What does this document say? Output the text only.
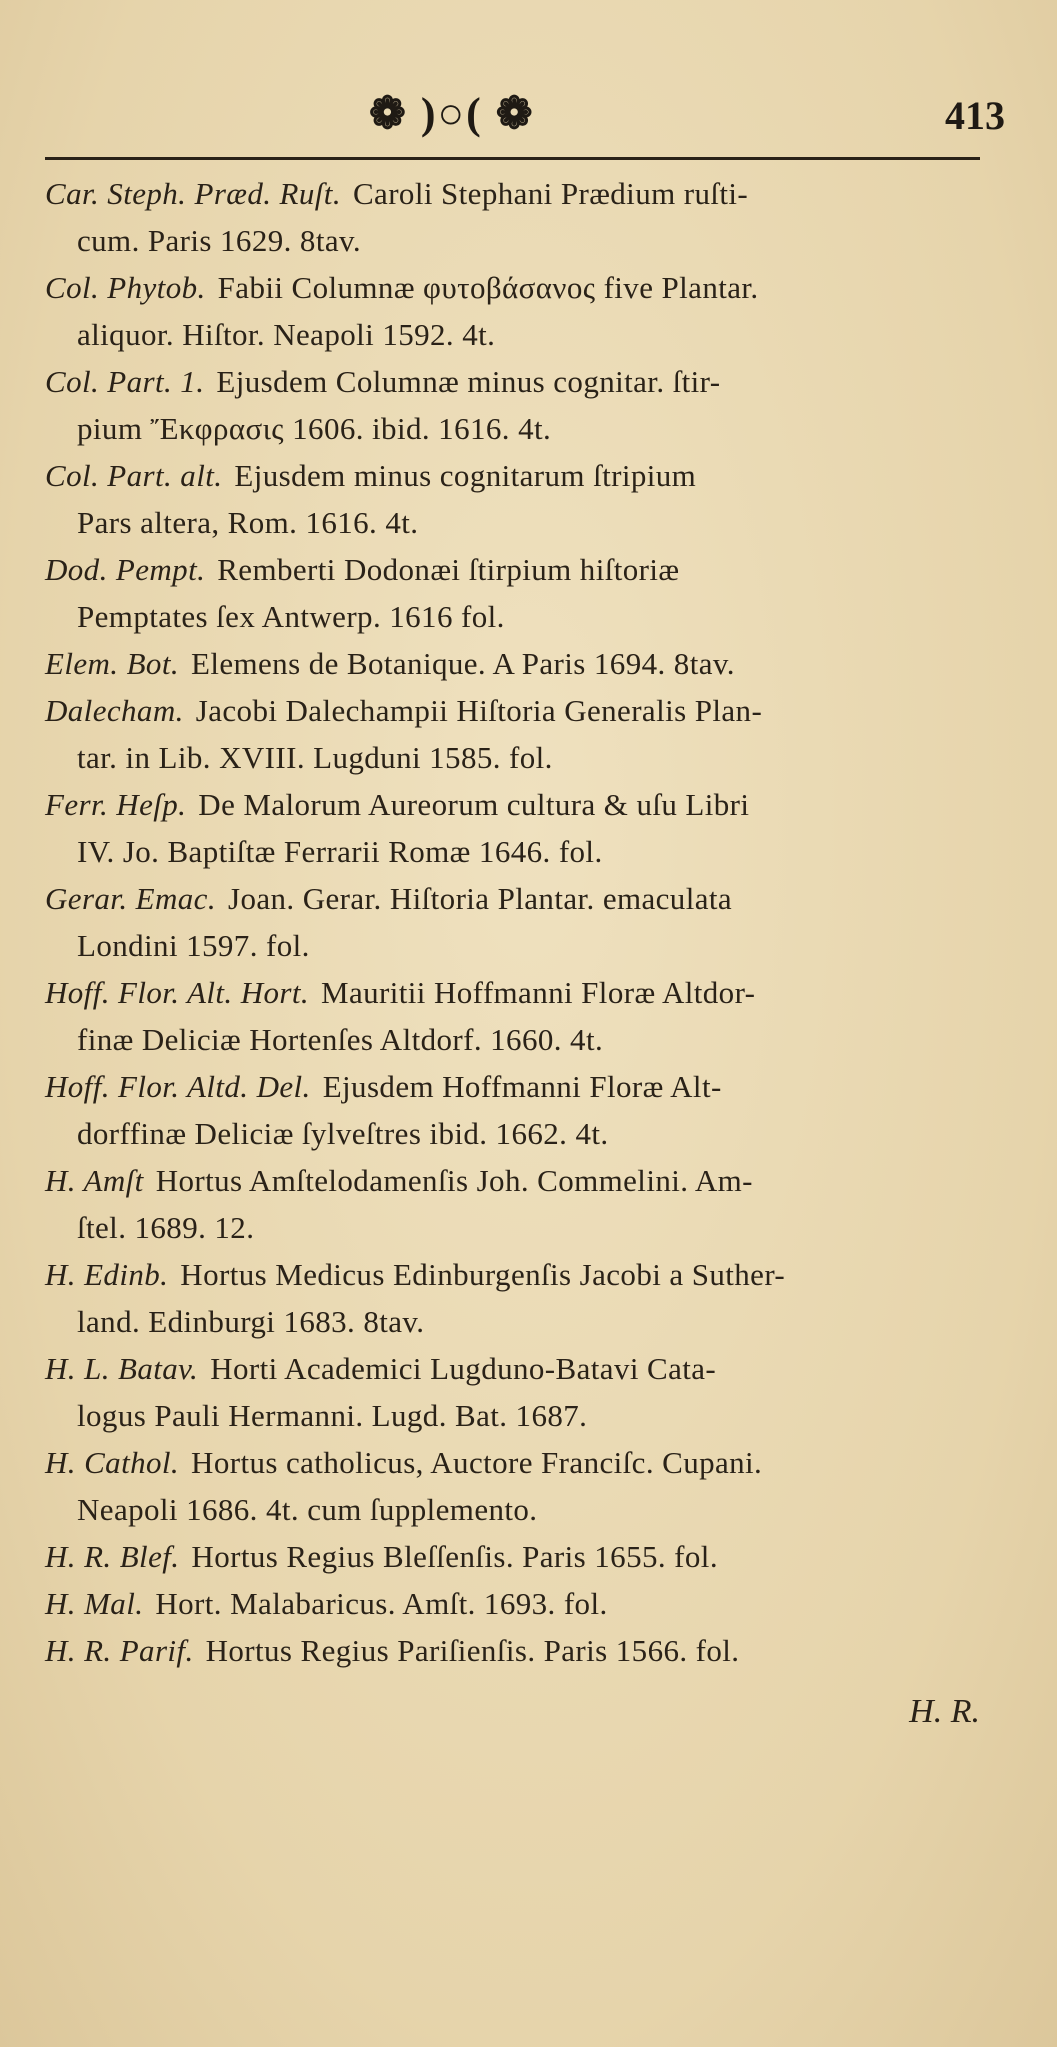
❁ )○( ❁	413
Car. Steph. Præd. Ruſt. Caroli Stephani Prædium ruſti-
cum. Paris 1629. 8tav.
Col. Phytob. Fabii Columnæ φυτοβάσανος five Plantar.
aliquor. Hiſtor. Neapoli 1592. 4t.
Col. Part. 1. Ejusdem Columnæ minus cognitar. ſtir-
pium Ἔκφρασις 1606. ibid. 1616. 4t.
Col. Part. alt. Ejusdem minus cognitarum ſtripium
Pars altera, Rom. 1616. 4t.
Dod. Pempt. Remberti Dodonæi ſtirpium hiſtoriæ
Pemptates ſex Antwerp. 1616 fol.
Elem. Bot. Elemens de Botanique. A Paris 1694. 8tav.
Dalecham. Jacobi Dalechampii Hiſtoria Generalis Plan-
tar. in Lib. XVIII. Lugduni 1585. fol.
Ferr. Heſp. De Malorum Aureorum cultura & uſu Libri
IV. Jo. Baptiſtæ Ferrarii Romæ 1646. fol.
Gerar. Emac. Joan. Gerar. Hiſtoria Plantar. emaculata
Londini 1597. fol.
Hoff. Flor. Alt. Hort. Mauritii Hoffmanni Floræ Altdor-
finæ Deliciæ Hortenſes Altdorf. 1660. 4t.
Hoff. Flor. Altd. Del. Ejusdem Hoffmanni Floræ Alt-
dorffinæ Deliciæ ſylveſtres ibid. 1662. 4t.
H. Amſt Hortus Amſtelodamenſis Joh. Commelini. Am-
ſtel. 1689. 12.
H. Edinb. Hortus Medicus Edinburgenſis Jacobi a Suther-
land. Edinburgi 1683. 8tav.
H. L. Batav. Horti Academici Lugduno-Batavi Cata-
logus Pauli Hermanni. Lugd. Bat. 1687.
H. Cathol. Hortus catholicus, Auctore Franciſc. Cupani.
Neapoli 1686. 4t. cum ſupplemento.
H. R. Blef. Hortus Regius Bleſſenſis. Paris 1655. fol.
H. Mal. Hort. Malabaricus. Amſt. 1693. fol.
H. R. Parif. Hortus Regius Pariſienſis. Paris 1566. fol.
H. R.
